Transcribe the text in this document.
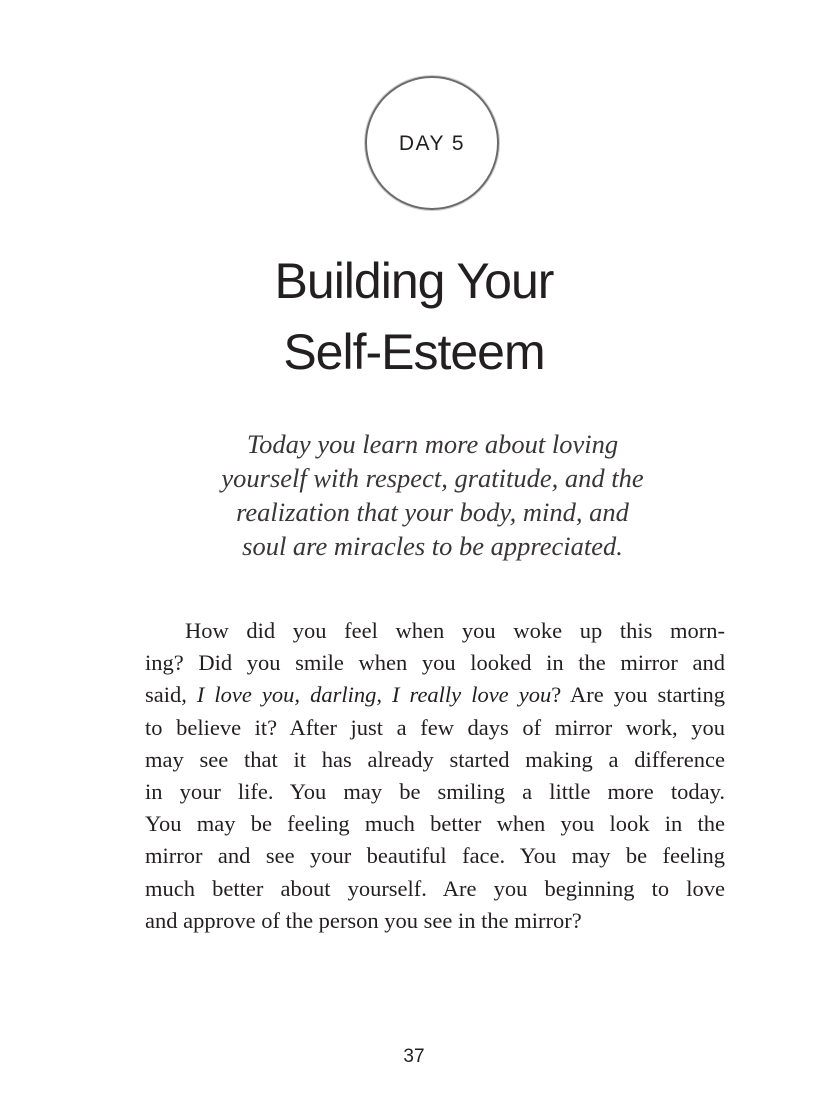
DAY 5
Building Your
Self-Esteem
Today you learn more about loving
yourself with respect, gratitude, and the
realization that your body, mind, and
soul are miracles to be appreciated.
How did you feel when you woke up this morn-
ing? Did you smile when you looked in the mirror and
said, I love you, darling, I really love you? Are you starting
to believe it? After just a few days of mirror work, you
may see that it has already started making a difference
in your life. You may be smiling a little more today.
You may be feeling much better when you look in the
mirror and see your beautiful face. You may be feeling
much better about yourself. Are you beginning to love
and approve of the person you see in the mirror?
37
